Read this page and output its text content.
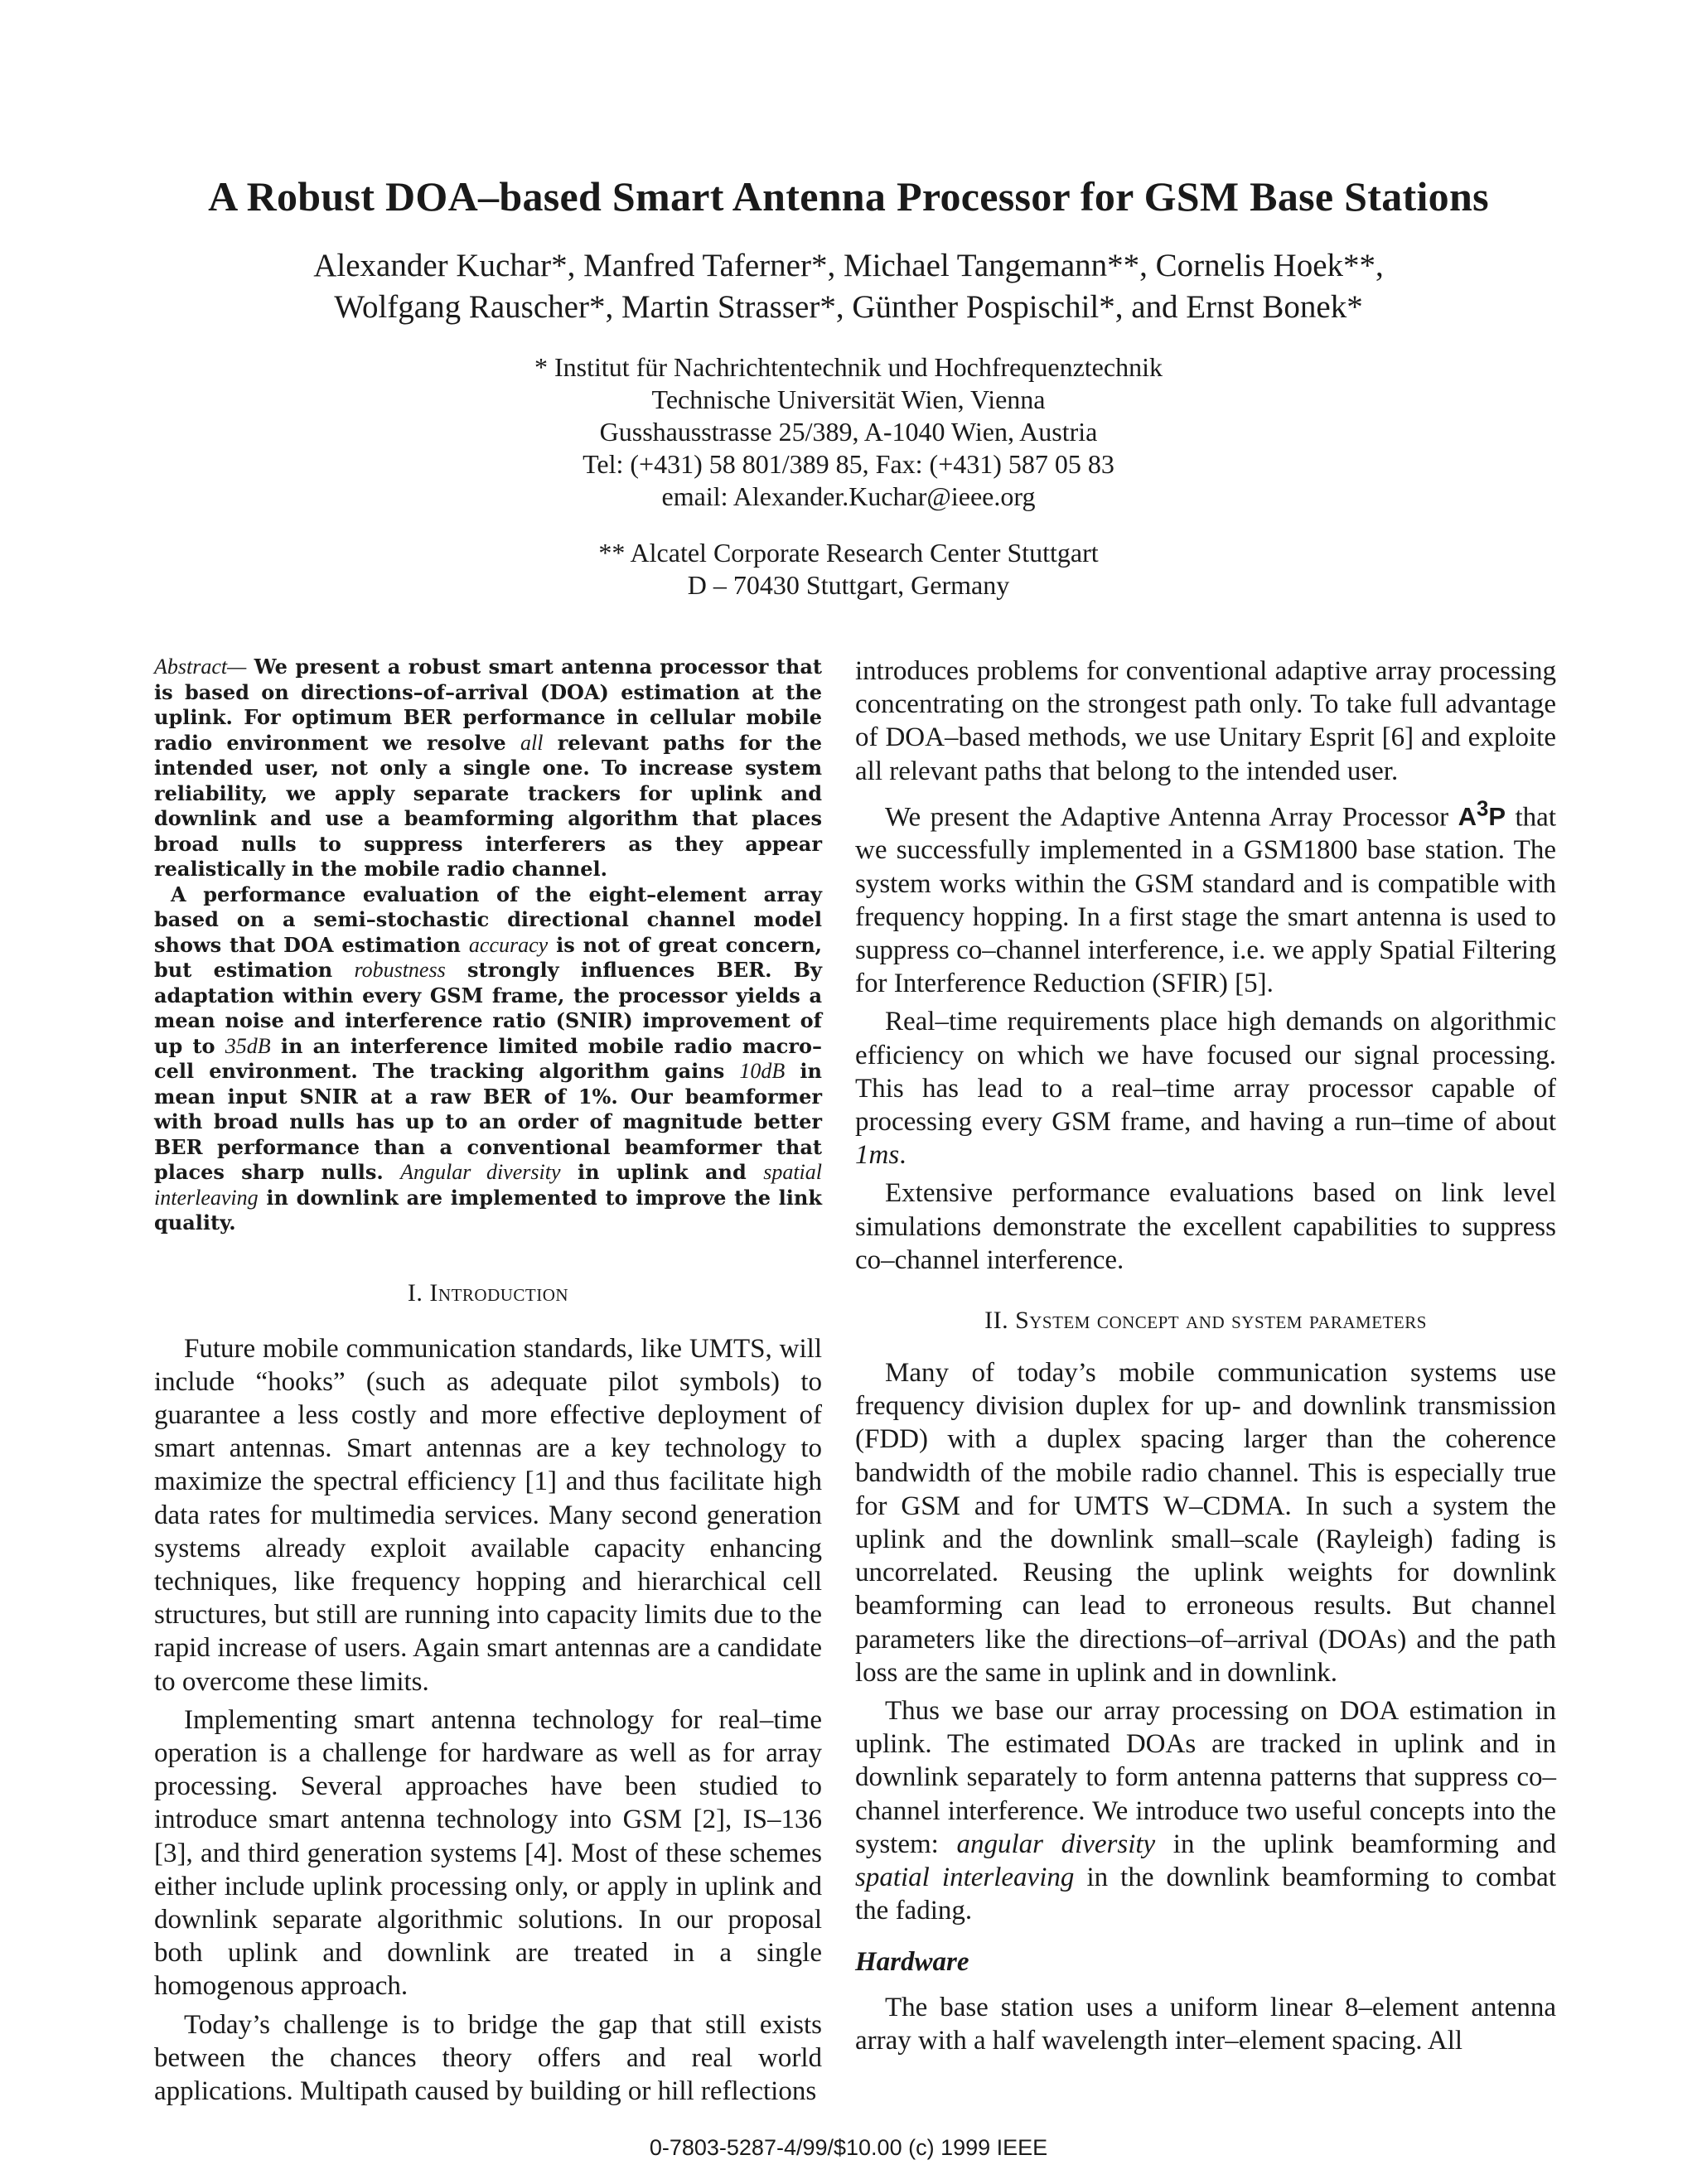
A Robust DOA–based Smart Antenna Processor for GSM Base Stations
Alexander Kuchar*, Manfred Taferner*, Michael Tangemann**, Cornelis Hoek**,
Wolfgang Rauscher*, Martin Strasser*, Günther Pospischil*, and Ernst Bonek*
* Institut für Nachrichtentechnik und Hochfrequenztechnik
Technische Universität Wien, Vienna
Gusshausstrasse 25/389, A-1040 Wien, Austria
Tel: (+431) 58 801/389 85, Fax: (+431) 587 05 83
email: Alexander.Kuchar@ieee.org
** Alcatel Corporate Research Center Stuttgart
D – 70430 Stuttgart, Germany

Abstract— We present a robust smart antenna processor that is based on directions–of–arrival (DOA) estimation at the uplink. For optimum BER performance in cellular mobile radio environment we resolve all relevant paths for the intended user, not only a single one. To increase system reliability, we apply separate trackers for uplink and downlink and use a beamforming algorithm that places broad nulls to suppress interferers as they appear realistically in the mobile radio channel.

A performance evaluation of the eight–element array based on a semi–stochastic directional channel model shows that DOA estimation accuracy is not of great concern, but estimation robustness strongly influences BER. By adaptation within every GSM frame, the processor yields a mean noise and interference ratio (SNIR) improvement of up to 35dB in an interference limited mobile radio macro–cell environment. The tracking algorithm gains 10dB in mean input SNIR at a raw BER of 1%. Our beamformer with broad nulls has up to an order of magnitude better BER performance than a conventional beamformer that places sharp nulls. Angular diversity in uplink and spatial interleaving in downlink are implemented to improve the link quality.

I. Introduction

Future mobile communication standards, like UMTS, will include “hooks” (such as adequate pilot symbols) to guarantee a less costly and more effective deployment of smart antennas. Smart antennas are a key technology to maximize the spectral efficiency [1] and thus facilitate high data rates for multimedia services. Many second generation systems already exploit available capacity enhancing techniques, like frequency hopping and hierarchical cell structures, but still are running into capacity limits due to the rapid increase of users. Again smart antennas are a candidate to overcome these limits.

Implementing smart antenna technology for real–time operation is a challenge for hardware as well as for array processing. Several approaches have been studied to introduce smart antenna technology into GSM [2], IS–136 [3], and third generation systems [4]. Most of these schemes either include uplink processing only, or apply in uplink and downlink separate algorithmic solutions. In our proposal both uplink and downlink are treated in a single homogenous approach.

Today’s challenge is to bridge the gap that still exists between the chances theory offers and real world applications. Multipath caused by building or hill reflections

introduces problems for conventional adaptive array processing concentrating on the strongest path only. To take full advantage of DOA–based methods, we use Unitary Esprit [6] and exploite all relevant paths that belong to the intended user.

We present the Adaptive Antenna Array Processor $A^3P$ that we successfully implemented in a GSM1800 base station. The system works within the GSM standard and is compatible with frequency hopping. In a first stage the smart antenna is used to suppress co–channel interference, i.e. we apply Spatial Filtering for Interference Reduction (SFIR) [5].

Real–time requirements place high demands on algorithmic efficiency on which we have focused our signal processing. This has lead to a real–time array processor capable of processing every GSM frame, and having a run–time of about 1ms.

Extensive performance evaluations based on link level simulations demonstrate the excellent capabilities to suppress co–channel interference.

II. System concept and system parameters

Many of today’s mobile communication systems use frequency division duplex for up- and downlink transmission (FDD) with a duplex spacing larger than the coherence bandwidth of the mobile radio channel. This is especially true for GSM and for UMTS W–CDMA. In such a system the uplink and the downlink small–scale (Rayleigh) fading is uncorrelated. Reusing the uplink weights for downlink beamforming can lead to erroneous results. But channel parameters like the directions–of–arrival (DOAs) and the path loss are the same in uplink and in downlink.

Thus we base our array processing on DOA estimation in uplink. The estimated DOAs are tracked in uplink and in downlink separately to form antenna patterns that suppress co–channel interference. We introduce two useful concepts into the system: angular diversity in the uplink beamforming and spatial interleaving in the downlink beamforming to combat the fading.

Hardware

The base station uses a uniform linear 8–element antenna array with a half wavelength inter–element spacing. All

0-7803-5287-4/99/$10.00 (c) 1999 IEEE
